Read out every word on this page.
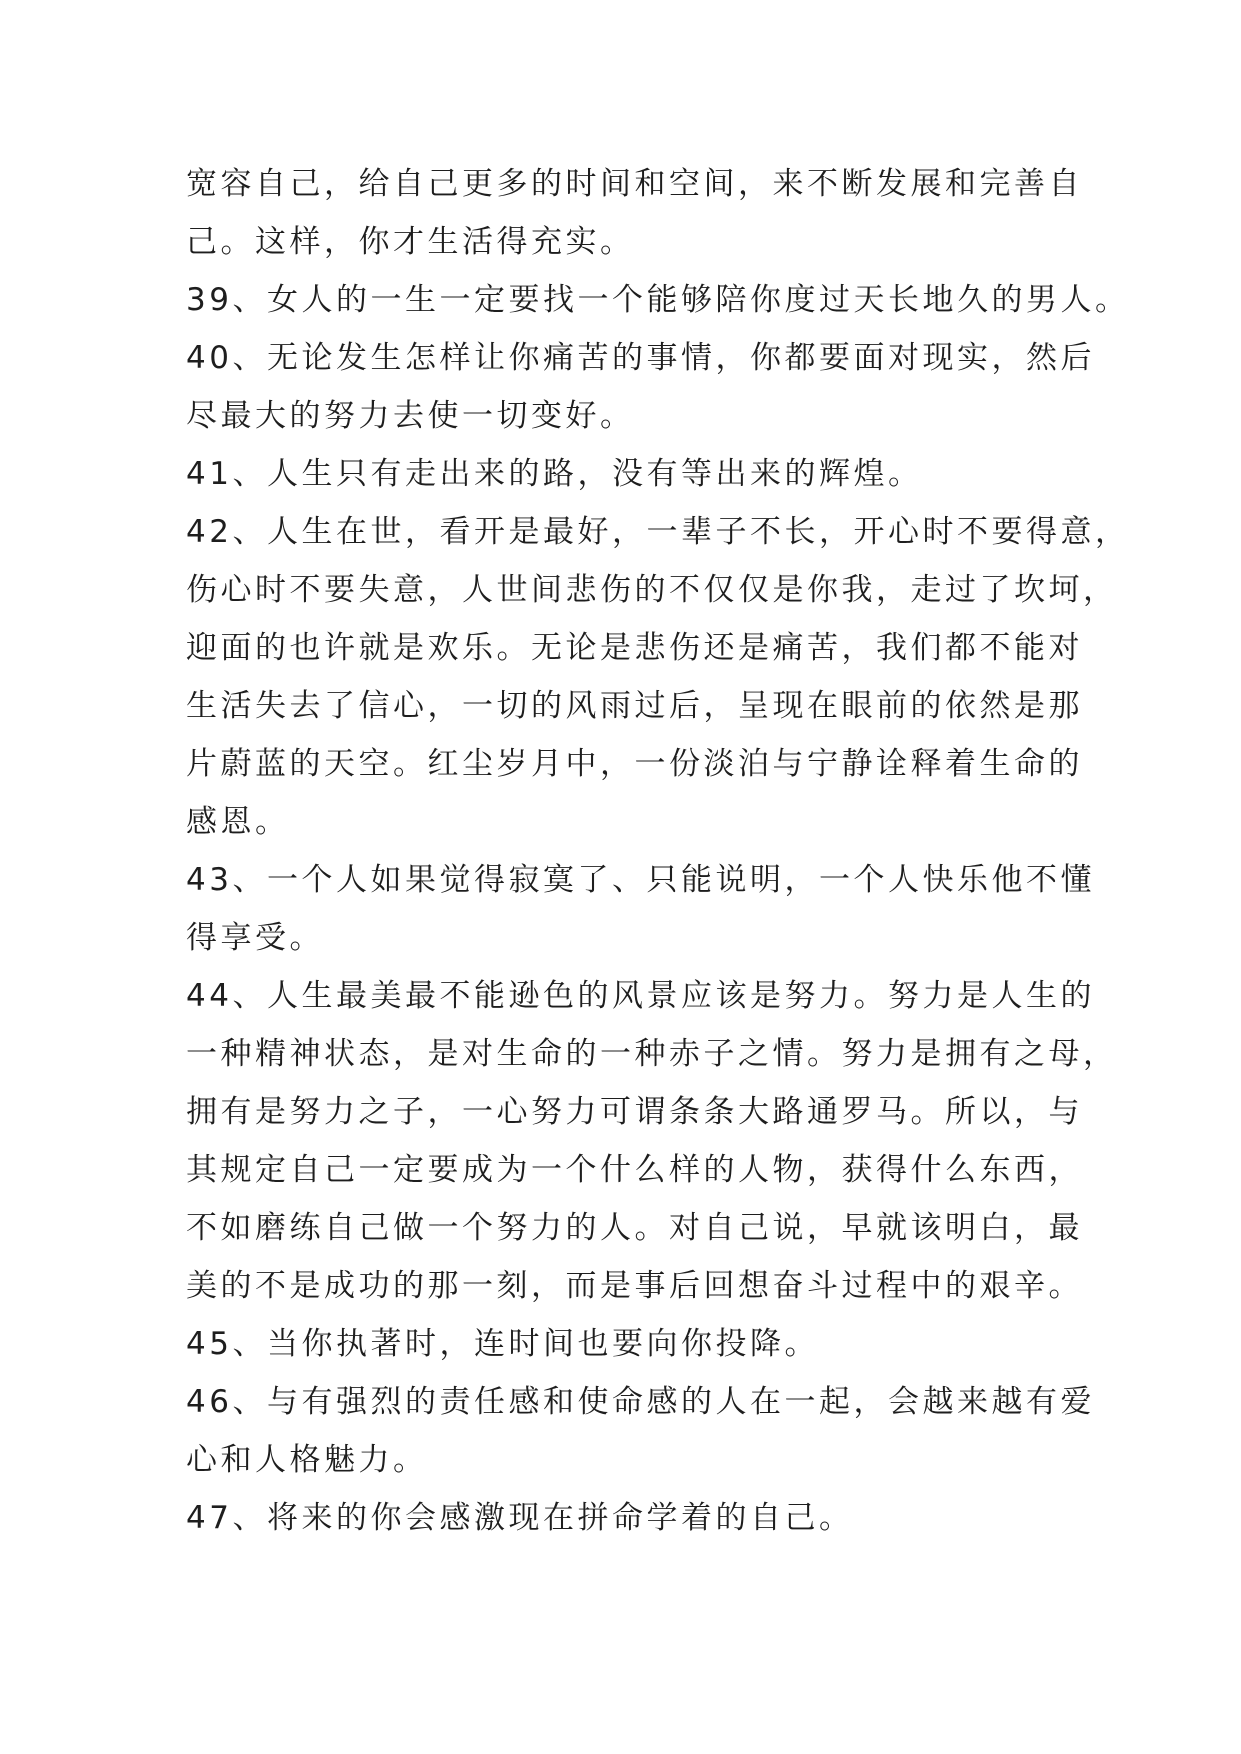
宽容自己，给自己更多的时间和空间，来不断发展和完善自
己。这样，你才生活得充实。
39、女人的一生一定要找一个能够陪你度过天长地久的男人。
40、无论发生怎样让你痛苦的事情，你都要面对现实，然后
尽最大的努力去使一切变好。
41、人生只有走出来的路，没有等出来的辉煌。
42、人生在世，看开是最好，一辈子不长，开心时不要得意，
伤心时不要失意，人世间悲伤的不仅仅是你我，走过了坎坷，
迎面的也许就是欢乐。无论是悲伤还是痛苦，我们都不能对
生活失去了信心，一切的风雨过后，呈现在眼前的依然是那
片蔚蓝的天空。红尘岁月中，一份淡泊与宁静诠释着生命的
感恩。
43、一个人如果觉得寂寞了、只能说明，一个人快乐他不懂
得享受。
44、人生最美最不能逊色的风景应该是努力。努力是人生的
一种精神状态，是对生命的一种赤子之情。努力是拥有之母，
拥有是努力之子，一心努力可谓条条大路通罗马。所以，与
其规定自己一定要成为一个什么样的人物，获得什么东西，
不如磨练自己做一个努力的人。对自己说，早就该明白，最
美的不是成功的那一刻，而是事后回想奋斗过程中的艰辛。
45、当你执著时，连时间也要向你投降。
46、与有强烈的责任感和使命感的人在一起，会越来越有爱
心和人格魅力。
47、将来的你会感激现在拼命学着的自己。
